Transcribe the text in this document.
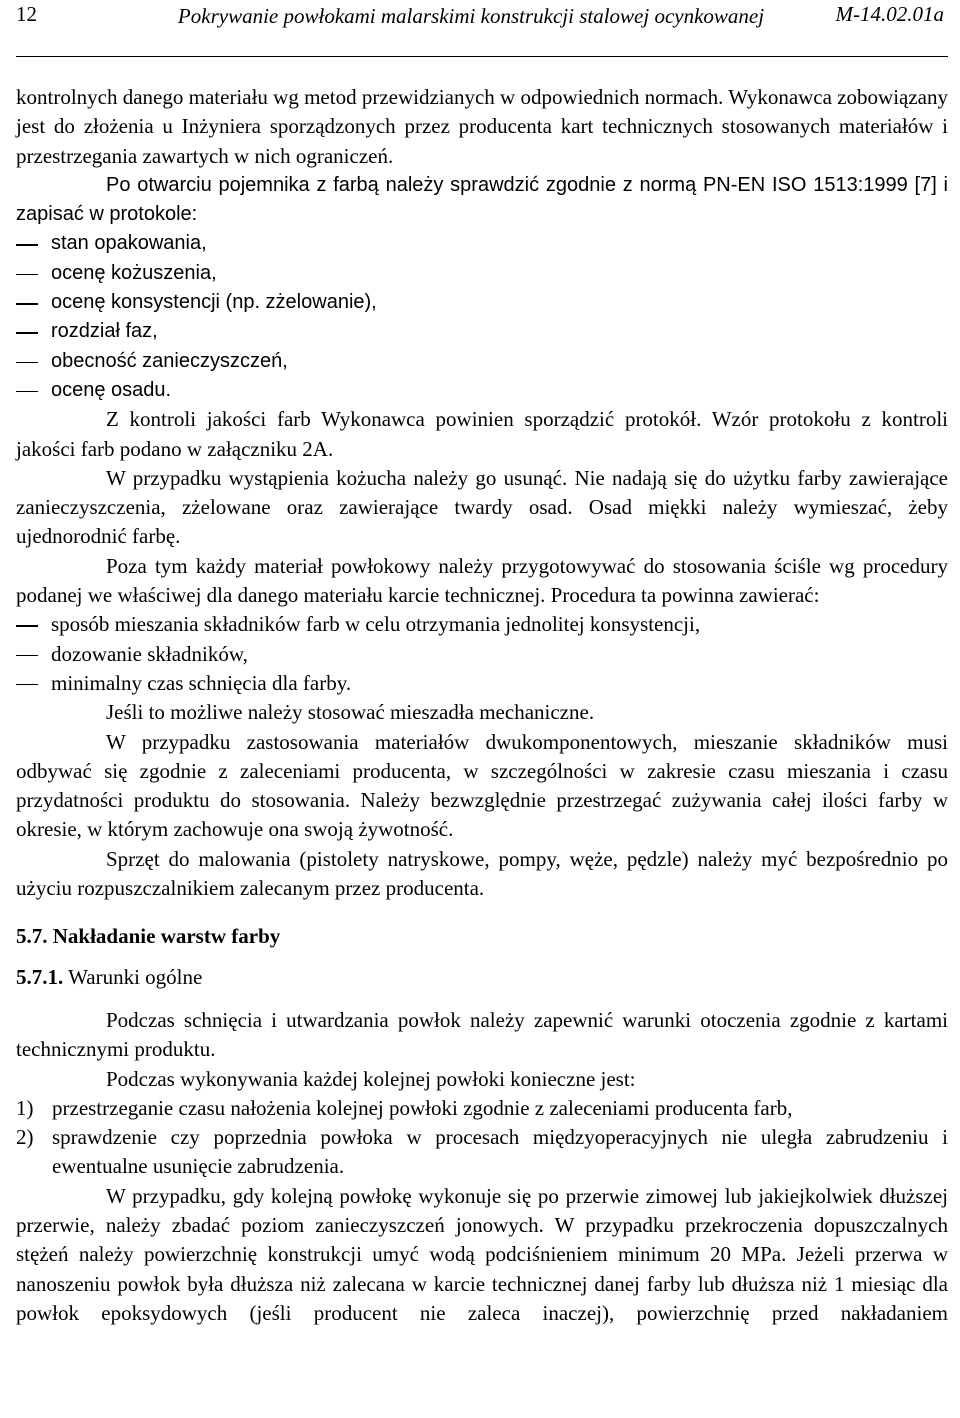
12	Pokrywanie powłokami malarskimi konstrukcji stalowej ocynkowanej	M-14.02.01a

kontrolnych danego materiału wg metod przewidzianych w odpowiednich normach. Wykonawca zobowiązany jest do złożenia u Inżyniera sporządzonych przez producenta kart technicznych stosowanych materiałów i przestrzegania zawartych w nich ograniczeń.

Po otwarciu pojemnika z farbą należy sprawdzić zgodnie z normą PN-EN ISO 1513:1999 [7] i zapisać w protokole:

stan opakowania,
ocenę kożuszenia,
ocenę konsystencji (np. zżelowanie),
rozdział faz,
obecność zanieczyszczeń,
ocenę osadu.

Z kontroli jakości farb Wykonawca powinien sporządzić protokół. Wzór protokołu z kontroli jakości farb podano w załączniku 2A.

W przypadku wystąpienia kożucha należy go usunąć. Nie nadają się do użytku farby zawierające zanieczyszczenia, zżelowane oraz zawierające twardy osad. Osad miękki należy wymieszać, żeby ujednorodnić farbę.

Poza tym każdy materiał powłokowy należy przygotowywać do stosowania ściśle wg procedury podanej we właściwej dla danego materiału karcie technicznej. Procedura ta powinna zawierać:

sposób mieszania składników farb w celu otrzymania jednolitej konsystencji,
dozowanie składników,
minimalny czas schnięcia dla farby.

Jeśli to możliwe należy stosować mieszadła mechaniczne.

W przypadku zastosowania materiałów dwukomponentowych, mieszanie składników musi odbywać się zgodnie z zaleceniami producenta, w szczególności w zakresie czasu mieszania i czasu przydatności produktu do stosowania. Należy bezwzględnie przestrzegać zużywania całej ilości farby w okresie, w którym zachowuje ona swoją żywotność.

Sprzęt do malowania (pistolety natryskowe, pompy, węże, pędzle) należy myć bezpośrednio po użyciu rozpuszczalnikiem zalecanym przez producenta.

5.7. Nakładanie warstw farby
5.7.1. Warunki ogólne

Podczas schnięcia i utwardzania powłok należy zapewnić warunki otoczenia zgodnie z kartami technicznymi produktu.

Podczas wykonywania każdej kolejnej powłoki konieczne jest:

1) przestrzeganie czasu nałożenia kolejnej powłoki zgodnie z zaleceniami producenta farb,
2) sprawdzenie czy poprzednia powłoka w procesach międzyoperacyjnych nie uległa zabrudzeniu i ewentualne usunięcie zabrudzenia.

W przypadku, gdy kolejną powłokę wykonuje się po przerwie zimowej lub jakiejkolwiek dłuższej przerwie, należy zbadać poziom zanieczyszczeń jonowych. W przypadku przekroczenia dopuszczalnych stężeń należy powierzchnię konstrukcji umyć wodą podciśnieniem minimum 20 MPa. Jeżeli przerwa w nanoszeniu powłok była dłuższa niż zalecana w karcie technicznej danej farby lub dłuższa niż 1 miesiąc dla powłok epoksydowych (jeśli producent nie zaleca inaczej), powierzchnię przed nakładaniem
